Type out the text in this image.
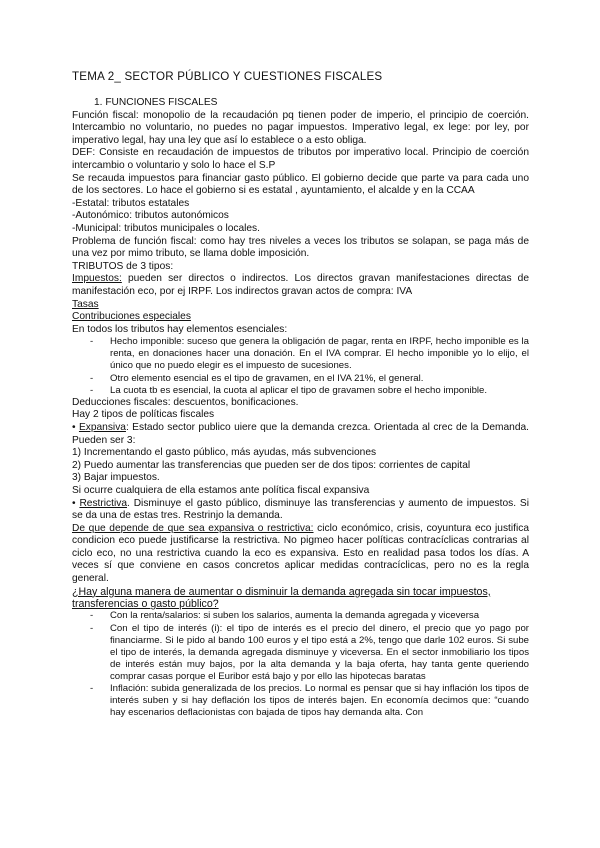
TEMA 2_ SECTOR PÚBLICO Y CUESTIONES FISCALES
1. FUNCIONES FISCALES
Función fiscal: monopolio de la recaudación pq tienen poder de imperio, el principio de coerción. Intercambio no voluntario, no puedes no pagar impuestos. Imperativo legal, ex lege: por ley, por imperativo legal, hay una ley que así lo establece o a esto obliga.
DEF: Consiste en recaudación de impuestos de tributos por imperativo local. Principio de coerción intercambio o voluntario y solo lo hace el S.P
Se recauda impuestos para financiar gasto público. El gobierno decide que parte va para cada uno de los sectores. Lo hace el gobierno si es estatal , ayuntamiento, el alcalde y en la CCAA
-Estatal: tributos estatales
-Autonómico: tributos autonómicos
-Municipal: tributos municipales o locales.
Problema de función fiscal: como hay tres niveles a veces los tributos se solapan, se paga más de una vez por mimo tributo, se llama doble imposición.
TRIBUTOS de 3 tipos:
Impuestos: pueden ser directos o indirectos. Los directos gravan manifestaciones directas de manifestación eco, por ej IRPF. Los indirectos gravan actos de compra: IVA
Tasas
Contribuciones especiales
En todos los tributos hay elementos esenciales:
- Hecho imponible: suceso que genera la obligación de pagar, renta en IRPF, hecho imponible es la renta, en donaciones hacer una donación. En el IVA comprar. El hecho imponible yo lo elijo, el único que no puedo elegir es el impuesto de sucesiones.
- Otro elemento esencial es el tipo de gravamen, en el IVA 21%, el general.
- La cuota tb es esencial, la cuota al aplicar el tipo de gravamen sobre el hecho imponible.
Deducciones fiscales: descuentos, bonificaciones.
Hay 2 tipos de políticas fiscales
• Expansiva: Estado sector publico uiere que la demanda crezca. Orientada al crec de la Demanda. Pueden ser 3:
1) Incrementando el gasto público, más ayudas, más subvenciones
2) Puedo aumentar las transferencias que pueden ser de dos tipos: corrientes de capital
3) Bajar impuestos.
Si ocurre cualquiera de ella estamos ante política fiscal expansiva
• Restrictiva. Disminuye el gasto público, disminuye las transferencias y aumento de impuestos. Si se da una de estas tres. Restrinjo la demanda.
De que depende de que sea expansiva o restrictiva: ciclo económico, crisis, coyuntura eco justifica condicion eco puede justificarse la restrictiva. No pigmeo hacer políticas contracíclicas contrarias al ciclo eco, no una restrictiva cuando la eco es expansiva. Esto en realidad pasa todos los días. A veces sí que conviene en casos concretos aplicar medidas contracíclicas, pero no es la regla general.
¿Hay alguna manera de aumentar o disminuir la demanda agregada sin tocar impuestos, transferencias o gasto público?
- Con la renta/salarios: si suben los salarios, aumenta la demanda agregada y viceversa
- Con el tipo de interés (i): el tipo de interés es el precio del dinero, el precio que yo pago por financiarme. Si le pido al bando 100 euros y el tipo está a 2%, tengo que darle 102 euros. Si sube el tipo de interés, la demanda agregada disminuye y viceversa. En el sector inmobiliario los tipos de interés están muy bajos, por la alta demanda y la baja oferta, hay tanta gente queriendo comprar casas porque el Euribor está bajo y por ello las hipotecas baratas
- Inflación: subida generalizada de los precios. Lo normal es pensar que si hay inflación los tipos de interés suben y si hay deflación los tipos de interés bajen. En economía decimos que: “cuando hay escenarios deflacionistas con bajada de tipos hay demanda alta. Con
